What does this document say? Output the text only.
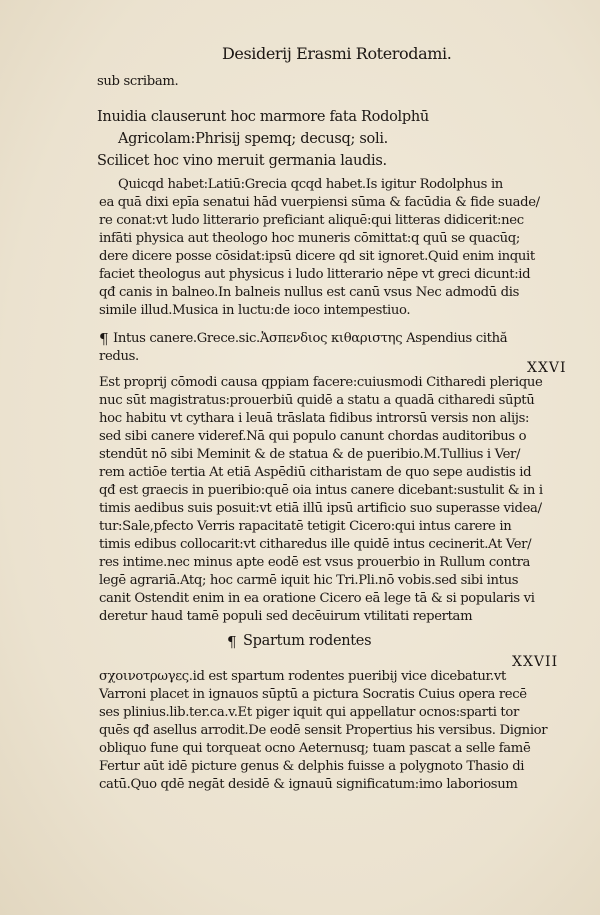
Desiderij Erasmi Roterodami.
sub scribam.
Inuidia clauserunt hoc marmore fata Rodolphū
Agricolam:Phrisij spemq; decusq; soli.
Scilicet hoc vino meruit germania laudis.
Quicqd habet:Latiū:Grecia qcqd habet.Is igitur Rodolphus in
ea quā dixi epīa senatui hād vuerpiensi sūma & facūdia & fide suade/
re conat:vt ludo litterario preficiant aliquē:qui litteras didicerit:nec
infāti physica aut theologo hoc muneris cōmittat:q quū se quacūq;
dere dicere posse cōsidat:ipsū dicere qd sit ignoret.Quid enim inquit
faciet theologus aut physicus i ludo litterario nēpe vt greci dicunt:id
qđ canis in balneo.In balneis nullus est canū vsus Nec admodū dis
simile illud.Musica in luctu:de ioco intempestiuo.
¶ Intus canere.Grece.sic.Ἀσπενδιος κιθαριστης Aspendius cithă
redus.
XXVI
Est proprij cōmodi causa qppiam facere:cuiusmodi Citharedi plerique
nuc sūt magistratus:prouerbiū quidē a statu a quadā citharedi sūptū
hoc habitu vt cythara i leuā trāslata fidibus introrsū versis non alijs:
sed sibi canere videref.Nā qui populo canunt chordas auditoribus o
stendūt nō sibi Meminit & de statua & de pueribio.M.Tullius i Ver/
rem actiōe tertia At etiā Aspēdiū citharistam de quo sepe audistis id
qđ est graecis in pueribio:quē oia intus canere dicebant:sustulit & in i
timis aedibus suis posuit:vt etiā illū ipsū artificio suo superasse videa/
tur:Sale,pfecto Verris rapacitatē tetigit Cicero:qui intus carere in
timis edibus collocarit:vt citharedus ille quidē intus cecinerit.At Ver/
res intime.nec minus apte eodē est vsus prouerbio in Rullum contra
legē agrariā.Atq; hoc carmē iquit hic Tri.Pli.nō vobis.sed sibi intus
canit Ostendit enim in ea oratione Cicero eā lege tā & si popularis vi
deretur haud tamē populi sed decēuirum vtilitati repertam
¶ Spartum rodentes
XXVII
σχοινοτρωγες.id est spartum rodentes pueribij vice dicebatur.vt
Varroni placet in ignauos sūptū a pictura Socratis Cuius opera recē
ses plinius.lib.ter.ca.v.Et piger iquit qui appellatur ocnos:sparti tor
quēs qđ asellus arrodit.De eodē sensit Propertius his versibus. Dignior
obliquo fune qui torqueat ocno Aeternusq; tuam pascat a selle famē
Fertur aūt idē picture genus & delphis fuisse a polygnoto Thasio di
catū.Quo qdē negāt desidē & ignauū significatum:imo laboriosum
